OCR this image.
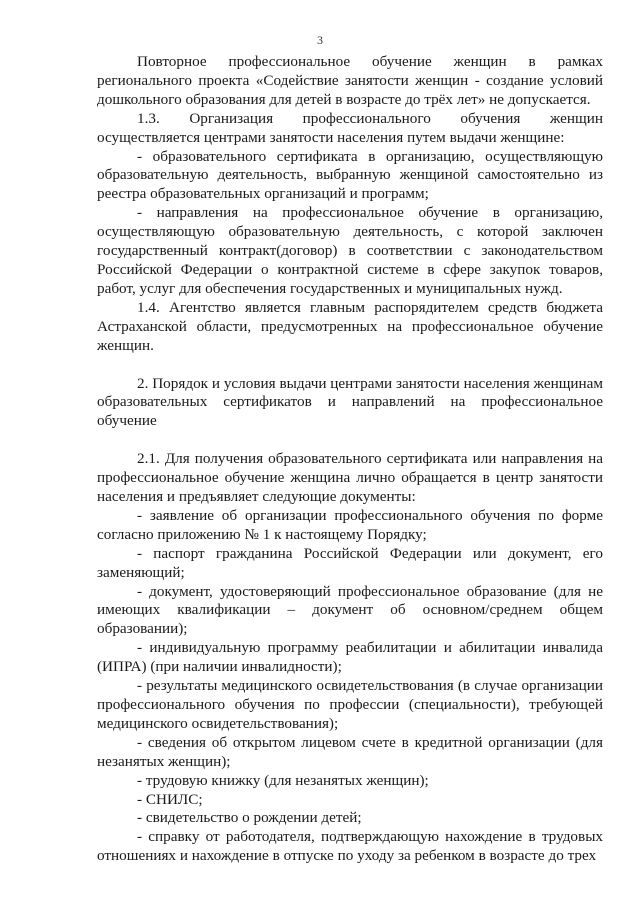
3

Повторное профессиональное обучение женщин в рамках регионального проекта «Содействие занятости женщин - создание условий дошкольного образования для детей в возрасте до трёх лет» не допускается.

1.3. Организация профессионального обучения женщин осуществляется центрами занятости населения путем выдачи женщине:

- образовательного сертификата в организацию, осуществляющую образовательную деятельность, выбранную женщиной самостоятельно из реестра образовательных организаций и программ;

- направления на профессиональное обучение в организацию, осуществляющую образовательную деятельность, с которой заключен государственный контракт(договор) в соответствии с законодательством Российской Федерации о контрактной системе в сфере закупок товаров, работ, услуг для обеспечения государственных и муниципальных нужд.

1.4. Агентство является главным распорядителем средств бюджета Астраханской области, предусмотренных на профессиональное обучение женщин.

2. Порядок и условия выдачи центрами занятости населения женщинам образовательных сертификатов и направлений на профессиональное обучение

2.1. Для получения образовательного сертификата или направления на профессиональное обучение женщина лично обращается в центр занятости населения и предъявляет следующие документы:

- заявление об организации профессионального обучения по форме согласно приложению № 1 к настоящему Порядку;

- паспорт гражданина Российской Федерации или документ, его заменяющий;

- документ, удостоверяющий профессиональное образование (для не имеющих квалификации – документ об основном/среднем общем образовании);

- индивидуальную программу реабилитации и абилитации инвалида (ИПРА) (при наличии инвалидности);

- результаты медицинского освидетельствования (в случае организации профессионального обучения по профессии (специальности), требующей медицинского освидетельствования);

- сведения об открытом лицевом счете в кредитной организации (для незанятых женщин);

- трудовую книжку (для незанятых женщин);

- СНИЛС;

- свидетельство о рождении детей;

- справку от работодателя, подтверждающую нахождение в трудовых отношениях и нахождение в отпуске по уходу за ребенком в возрасте до трех
